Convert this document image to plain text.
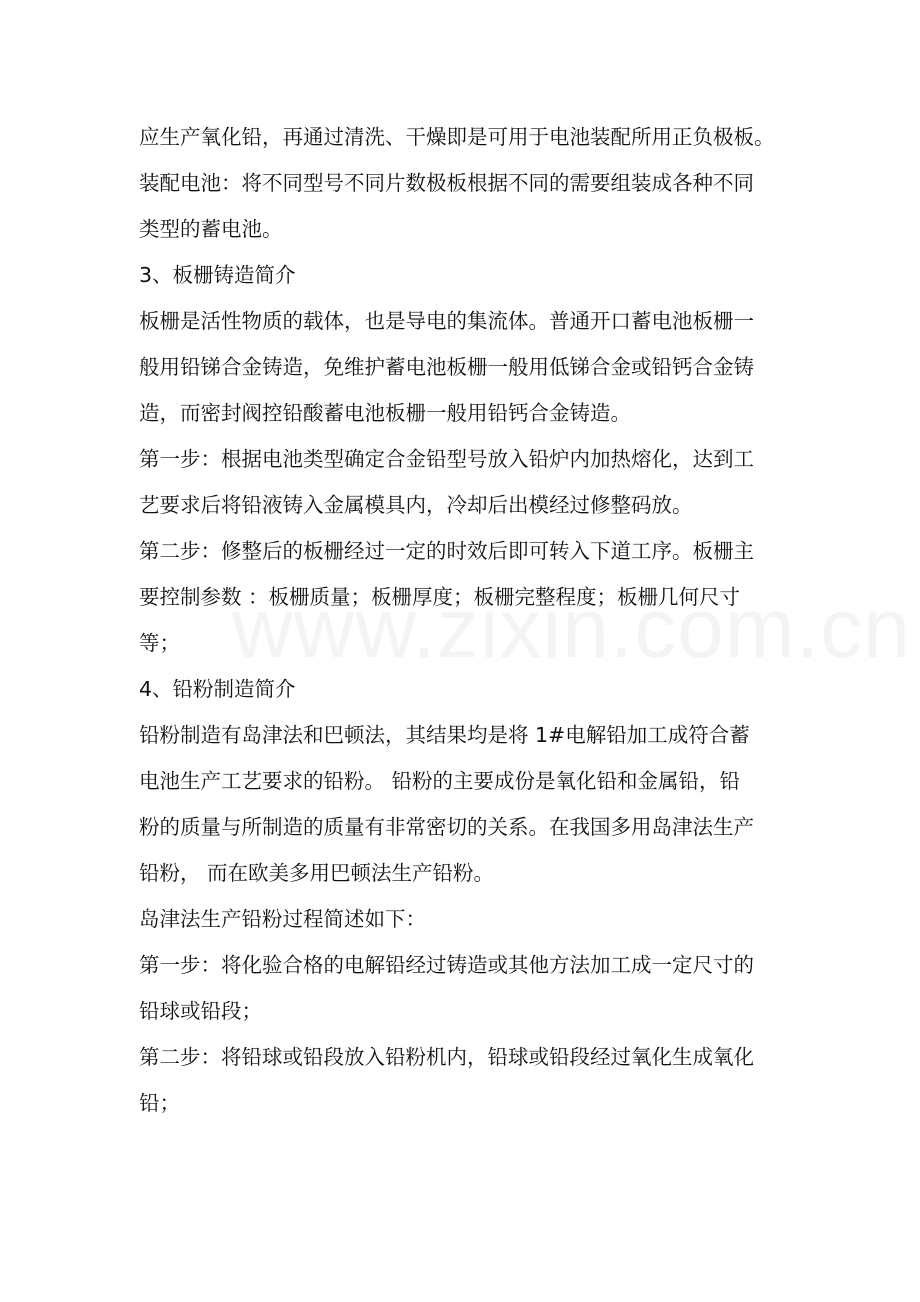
应生产氧化铅，再通过清洗、干燥即是可用于电池装配所用正负极板。
装配电池：将不同型号不同片数极板根据不同的需要组装成各种不同
类型的蓄电池。
3、板栅铸造简介
板栅是活性物质的载体，也是导电的集流体。普通开口蓄电池板栅一
般用铅锑合金铸造，免维护蓄电池板栅一般用低锑合金或铅钙合金铸
造，而密封阀控铅酸蓄电池板栅一般用铅钙合金铸造。
第一步：根据电池类型确定合金铅型号放入铅炉内加热熔化，达到工
艺要求后将铅液铸入金属模具内，冷却后出模经过修整码放。
第二步：修整后的板栅经过一定的时效后即可转入下道工序。板栅主
要控制参数 ：板栅质量；板栅厚度；板栅完整程度；板栅几何尺寸
等；
4、铅粉制造简介
铅粉制造有岛津法和巴顿法，其结果均是将 1#电解铅加工成符合蓄
电池生产工艺要求的铅粉。 铅粉的主要成份是氧化铅和金属铅，铅
粉的质量与所制造的质量有非常密切的关系。在我国多用岛津法生产
铅粉， 而在欧美多用巴顿法生产铅粉。
岛津法生产铅粉过程简述如下：
第一步：将化验合格的电解铅经过铸造或其他方法加工成一定尺寸的
铅球或铅段；
第二步：将铅球或铅段放入铅粉机内，铅球或铅段经过氧化生成氧化
铅；
